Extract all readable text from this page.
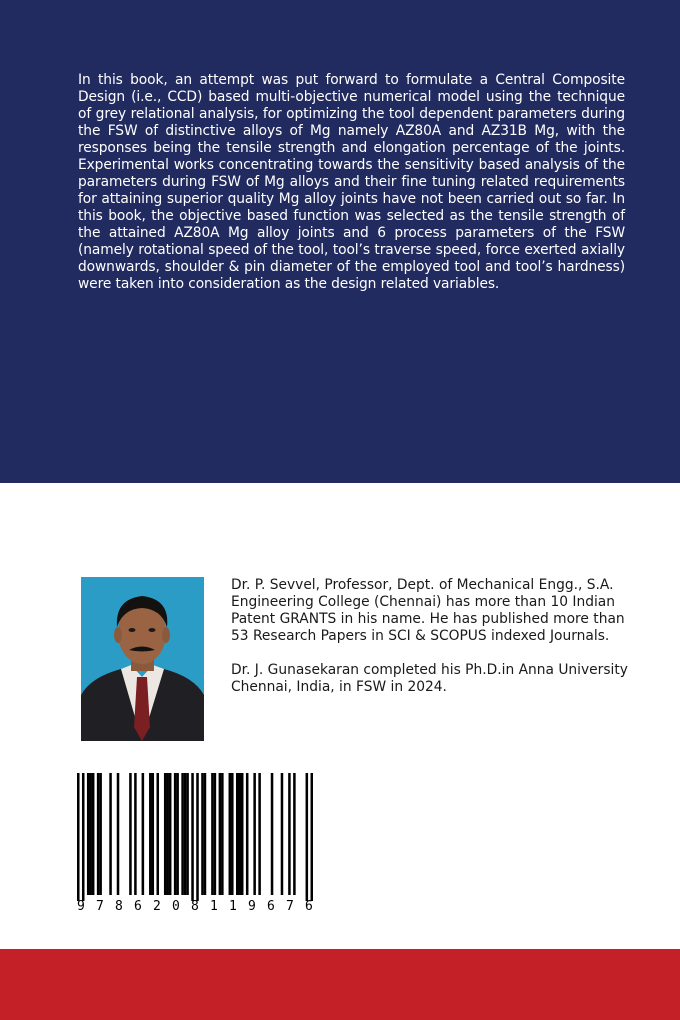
In this book, an attempt was put forward to formulate a Central Composite Design (i.e., CCD) based multi-objective numerical model using the technique of grey relational analysis, for optimizing the tool dependent parameters during the FSW of distinctive alloys of Mg namely AZ80A and AZ31B Mg, with the responses being the tensile strength and elongation percentage of the joints. Experimental works concentrating towards the sensitivity based analysis of the parameters during FSW of Mg alloys and their fine tuning related requirements for attaining superior quality Mg alloy joints have not been carried out so far. In this book, the objective based function was selected as the tensile strength of the attained AZ80A Mg alloy joints and 6 process parameters of the FSW (namely rotational speed of the tool, tool’s traverse speed, force exerted axially downwards, shoulder & pin diameter of the employed tool and tool’s hardness) were taken into consideration as the design related variables.

Dr. P. Sevvel, Professor, Dept. of Mechanical Engg., S.A. Engineering College (Chennai) has more than 10 Indian Patent GRANTS in his name. He has published more than 53 Research Papers in SCI & SCOPUS indexed Journals.

Dr. J. Gunasekaran completed his Ph.D.in Anna University Chennai, India, in FSW in 2024.

9 7 8 6 2 0 8 1 1 9 6 7 6
